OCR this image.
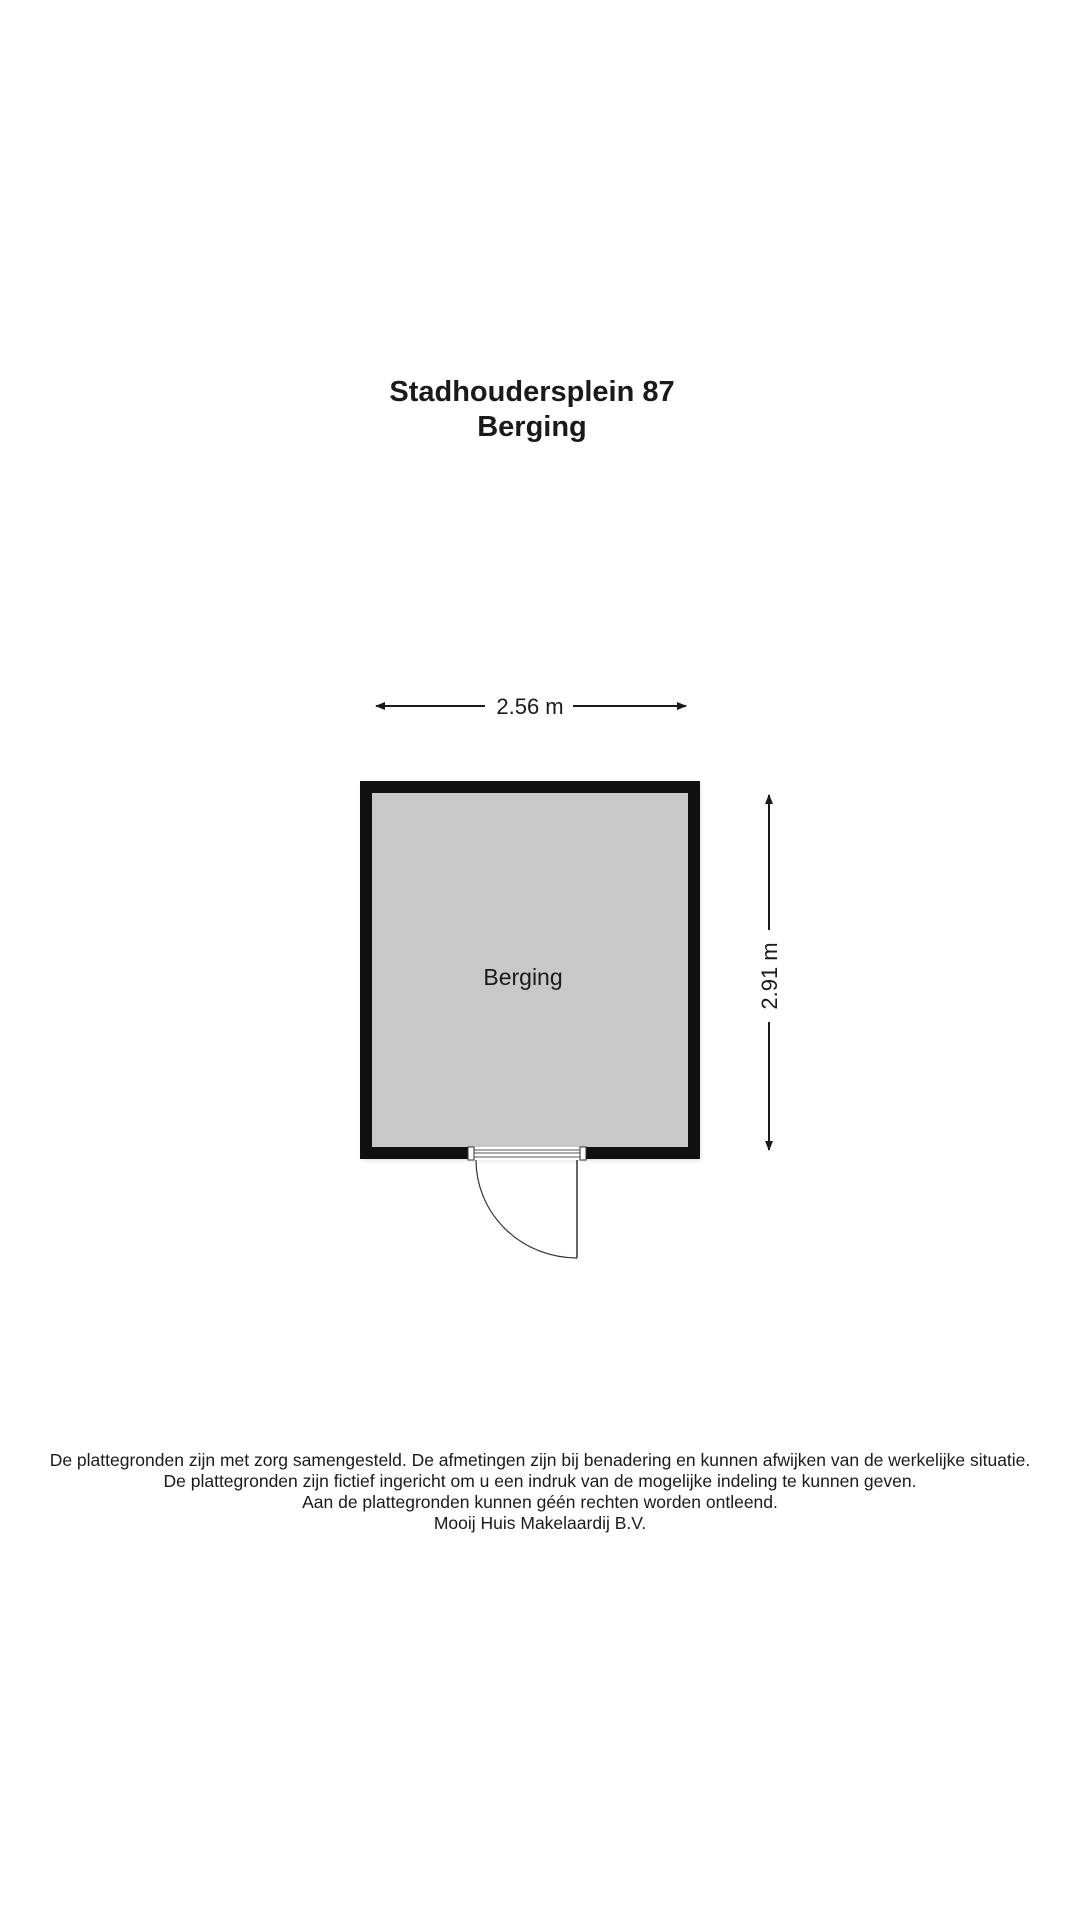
Stadhoudersplein 87
Berging
2.56 m
2.91 m
Berging
De plattegronden zijn met zorg samengesteld. De afmetingen zijn bij benadering en kunnen afwijken van de werkelijke situatie.
De plattegronden zijn fictief ingericht om u een indruk van de mogelijke indeling te kunnen geven.
Aan de plattegronden kunnen géén rechten worden ontleend.
Mooij Huis Makelaardij B.V.
